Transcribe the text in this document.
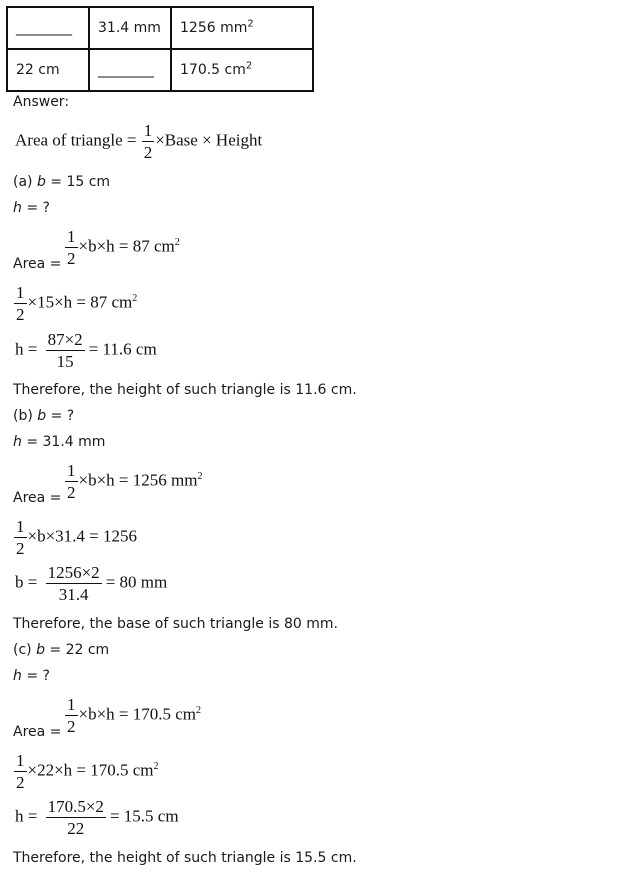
________	31.4 mm	1256 $mm^2$
22 cm	________	170.5 $cm^2$
Answer:
Area of triangle = $\frac{1}{2}$ ×Base × Height
(a) b = 15 cm
h = ?
Area = $\frac{1}{2} \times b\times h = 87$ $cm^2$
$\frac{1}{2} \times 15\times h = 87$ $cm^2$
$h = \frac{87\times 2}{15} = 11.6$ cm
Therefore, the height of such triangle is 11.6 cm.
(b) b = ?
h = 31.4 mm
Area = $\frac{1}{2} \times b\times h = 1256$ $mm^2$
$\frac{1}{2} \times b\times 31.4 = 1256$
$b = \frac{1256\times 2}{31.4} = 80$ mm
Therefore, the base of such triangle is 80 mm.
(c) b = 22 cm
h = ?
Area = $\frac{1}{2} \times b\times h = 170.5$ $cm^2$
$\frac{1}{2} \times 22\times h = 170.5$ $cm^2$
$h = \frac{170.5\times 2}{22} = 15.5$ cm
Therefore, the height of such triangle is 15.5 cm.
